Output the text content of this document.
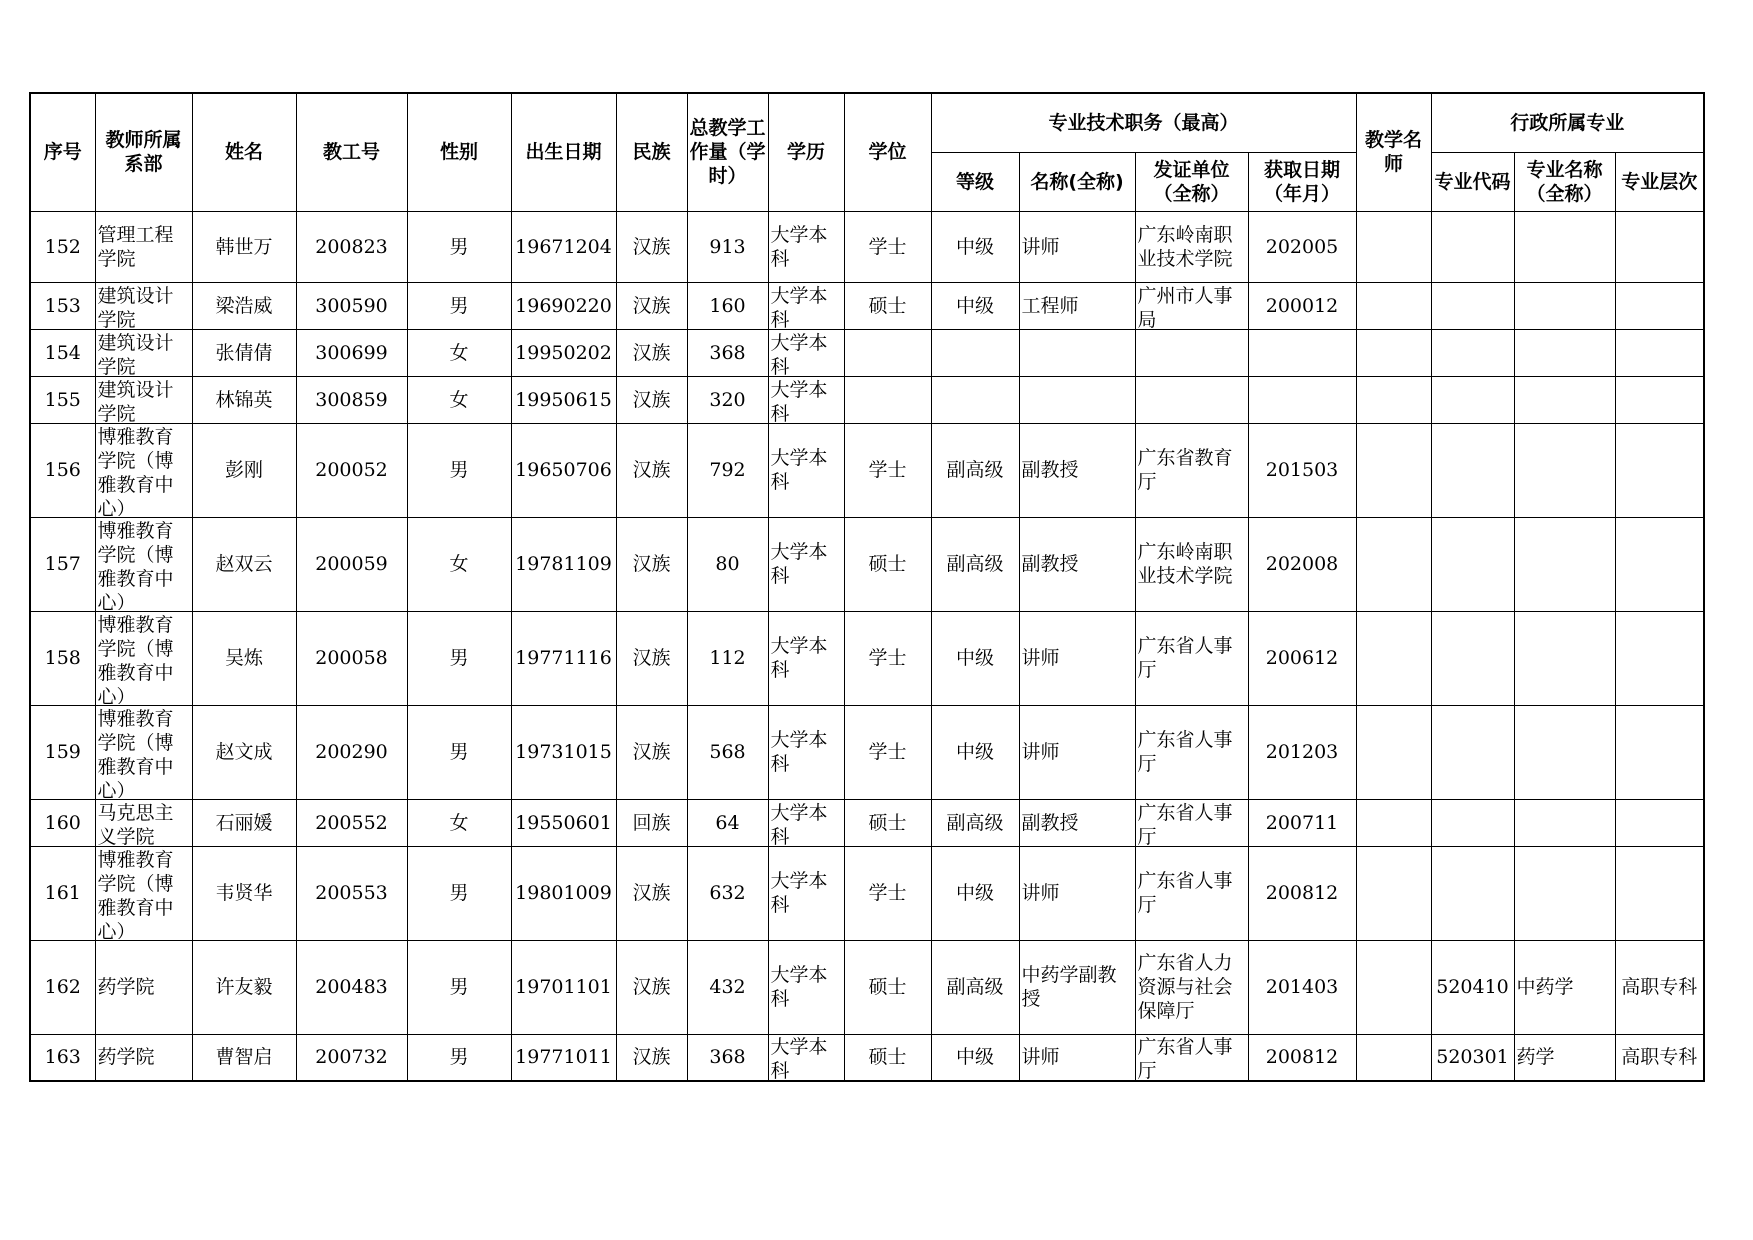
序号	教师所属系部	姓名	教工号	性别	出生日期	民族	总教学工作量（学时）	学历	学位	专业技术职务（最高）				教学名师	行政所属专业		
										等级	名称(全称)	发证单位（全称）	获取日期（年月）		专业代码	专业名称（全称）	专业层次

152	管理工程学院	韩世万	200823	男	19671204	汉族	913	大学本科	学士	中级	讲师	广东岭南职业技术学院	202005				

153	建筑设计学院	梁浩威	300590	男	19690220	汉族	160	大学本科	硕士	中级	工程师	广州市人事局	200012				

154	建筑设计学院	张倩倩	300699	女	19950202	汉族	368	大学本科									

155	建筑设计学院	林锦英	300859	女	19950615	汉族	320	大学本科									

156	博雅教育学院（博雅教育中心）	彭刚	200052	男	19650706	汉族	792	大学本科	学士	副高级	副教授	广东省教育厅	201503				
157	博雅教育学院（博雅教育中心）	赵双云	200059	女	19781109	汉族	80	大学本科	硕士	副高级	副教授	广东岭南职业技术学院	202008				
158	博雅教育学院（博雅教育中心）	吴炼	200058	男	19771116	汉族	112	大学本科	学士	中级	讲师	广东省人事厅	200612				
159	博雅教育学院（博雅教育中心）	赵文成	200290	男	19731015	汉族	568	大学本科	学士	中级	讲师	广东省人事厅	201203				
160	马克思主义学院	石丽媛	200552	女	19550601	回族	64	大学本科	硕士	副高级	副教授	广东省人事厅	200711				
161	博雅教育学院（博雅教育中心）	韦贤华	200553	男	19801009	汉族	632	大学本科	学士	中级	讲师	广东省人事厅	200812				
162	药学院	许友毅	200483	男	19701101	汉族	432	大学本科	硕士	副高级	中药学副教授	广东省人力资源与社会保障厅	201403		520410	中药学	高职专科

163	药学院	曹智启	200732	男	19771011	汉族	368	大学本科	硕士	中级	讲师	广东省人事厅	200812		520301	药学	高职专科
